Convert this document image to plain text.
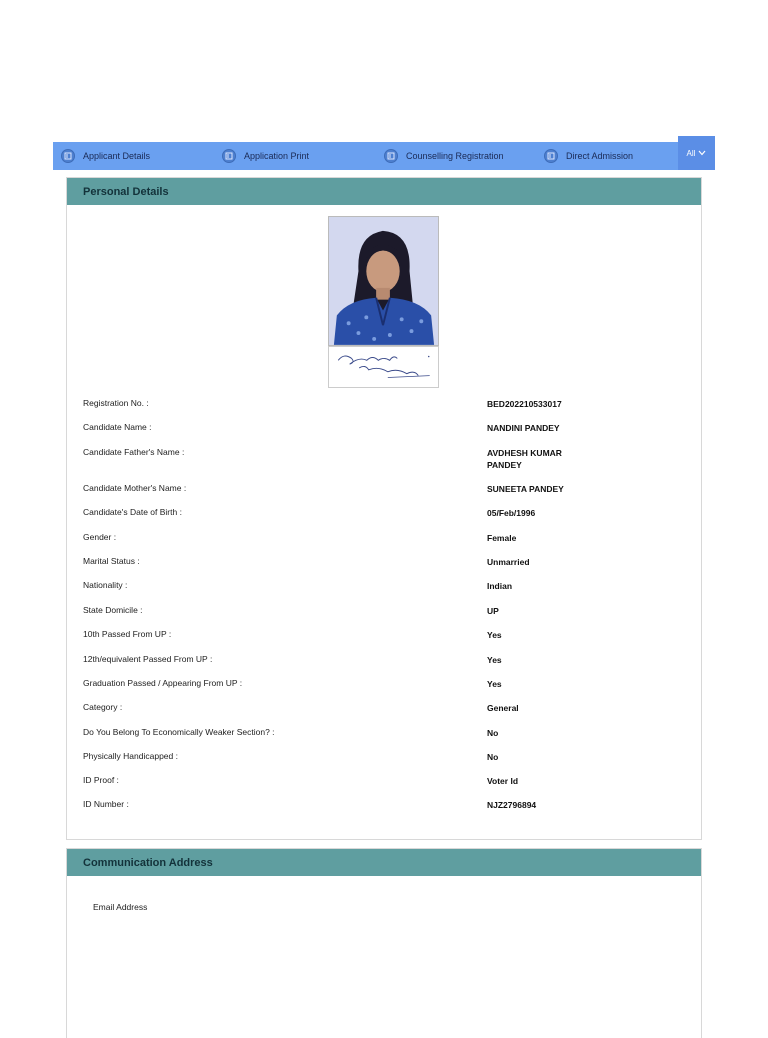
Applicant Details	Application Print	Counselling Registration	Direct Admission	All
Personal Details
Registration No. :	BED202210533017
Candidate Name :	NANDINI PANDEY
Candidate Father's Name :	AVDHESH KUMAR PANDEY
Candidate Mother's Name :	SUNEETA PANDEY
Candidate's Date of Birth :	05/Feb/1996
Gender :	Female
Marital Status :	Unmarried
Nationality :	Indian
State Domicile :	UP
10th Passed From UP :	Yes
12th/equivalent Passed From UP :	Yes
Graduation Passed / Appearing From UP :	Yes
Category :	General
Do You Belong To Economically Weaker Section? :	No
Physically Handicapped :	No
ID Proof :	Voter Id
ID Number :	NJZ2796894
Communication Address
Email Address
